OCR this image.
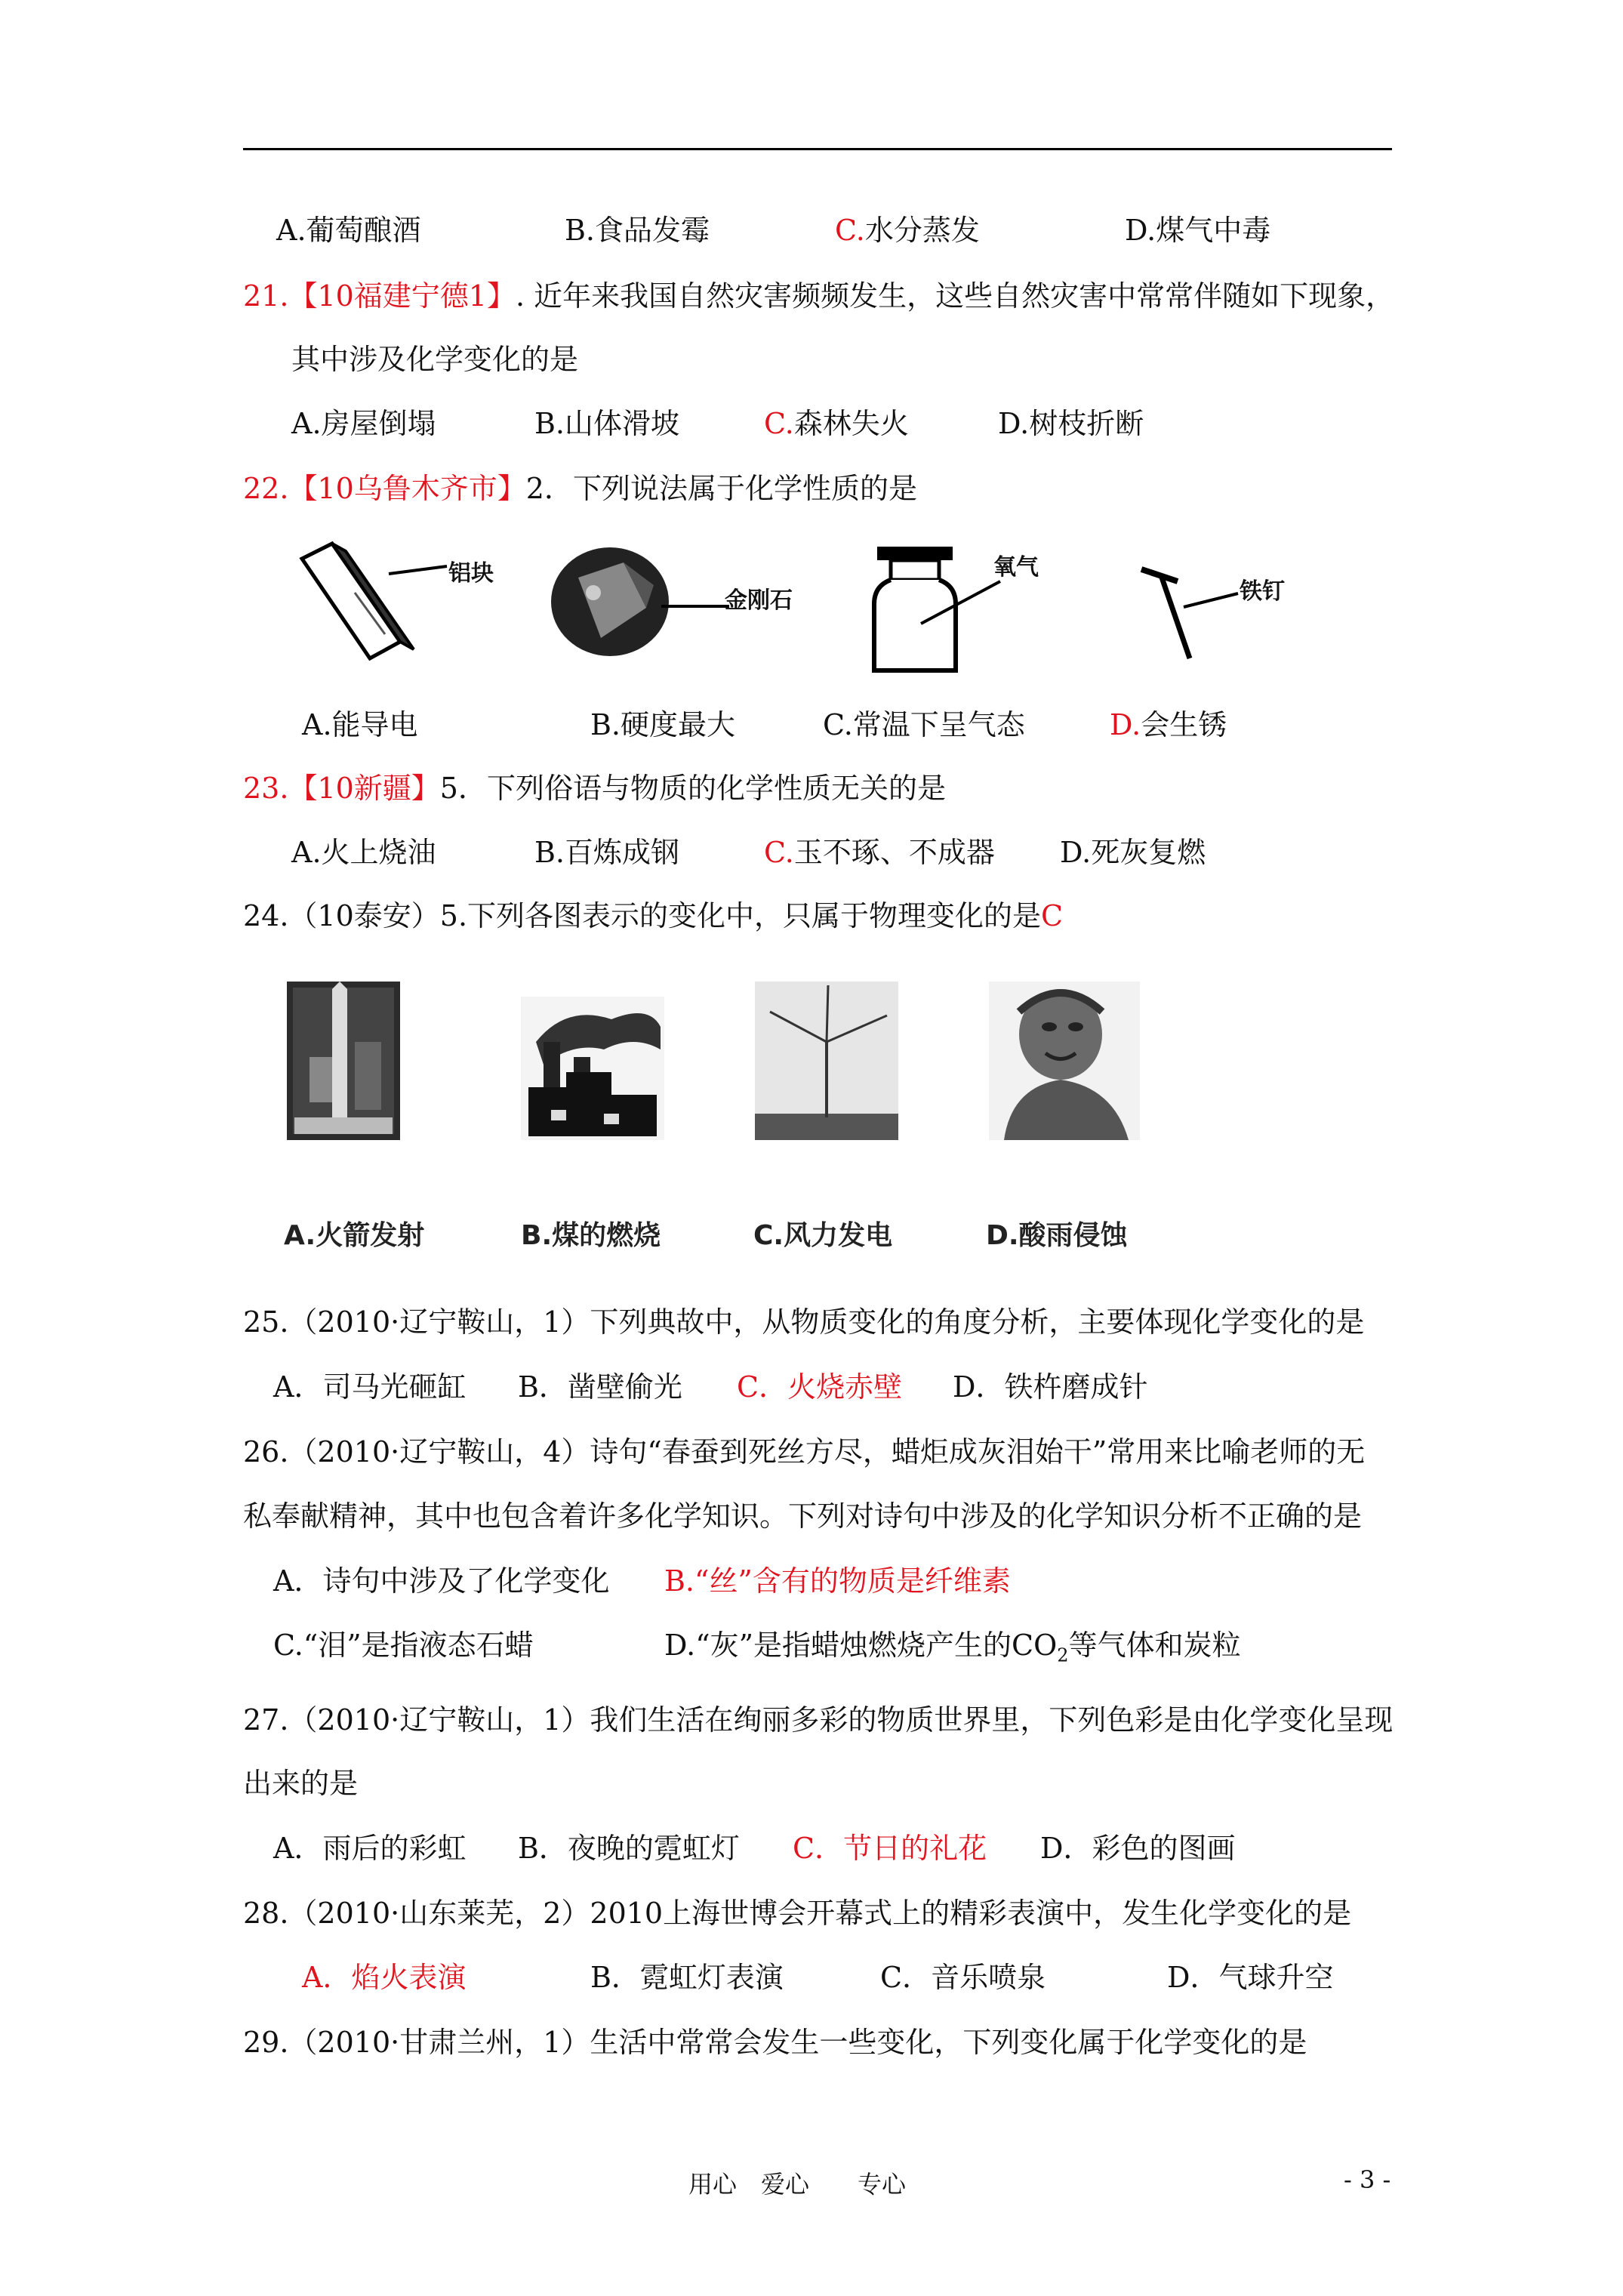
A.葡萄酿酒	B.食品发霉	C.水分蒸发	D.煤气中毒
21.【10福建宁德1】. 近年来我国自然灾害频频发生，这些自然灾害中常常伴随如下现象，
其中涉及化学变化的是
A.房屋倒塌	B.山体滑坡	C.森林失火	D.树枝折断
22.【10乌鲁木齐市】2．下列说法属于化学性质的是
铝块
金刚石
氧气
铁钉
A.能导电	B.硬度最大	C.常温下呈气态	D.会生锈
23.【10新疆】5．下列俗语与物质的化学性质无关的是
A.火上烧油	B.百炼成钢	C.玉不琢、不成器 D.死灰复燃
24.（10泰安）5.下列各图表示的变化中，只属于物理变化的是C
A.火箭发射	B.煤的燃烧	C.风力发电	D.酸雨侵蚀
25.（2010·辽宁鞍山，1）下列典故中，从物质变化的角度分析，主要体现化学变化的是
A．司马光砸缸 B．凿壁偷光 C．火烧赤壁 D．铁杵磨成针
26.（2010·辽宁鞍山，4）诗句“春蚕到死丝方尽，蜡炬成灰泪始干”常用来比喻老师的无
私奉献精神，其中也包含着许多化学知识。下列对诗句中涉及的化学知识分析不正确的是
A．诗句中涉及了化学变化 B.“丝”含有的物质是纤维素
C.“泪”是指液态石蜡	D.“灰”是指蜡烛燃烧产生的$CO_2$等气体和炭粒
27.（2010·辽宁鞍山，1）我们生活在绚丽多彩的物质世界里，下列色彩是由化学变化呈现
出来的是
A．雨后的彩虹 B．夜晚的霓虹灯 C．节日的礼花 D．彩色的图画
28.（2010·山东莱芜，2）2010上海世博会开幕式上的精彩表演中，发生化学变化的是
A．焰火表演	B．霓虹灯表演	C．音乐喷泉	D．气球升空
29.（2010·甘肃兰州，1）生活中常常会发生一些变化，下列变化属于化学变化的是
用心　爱心　　专心	- 3 -
